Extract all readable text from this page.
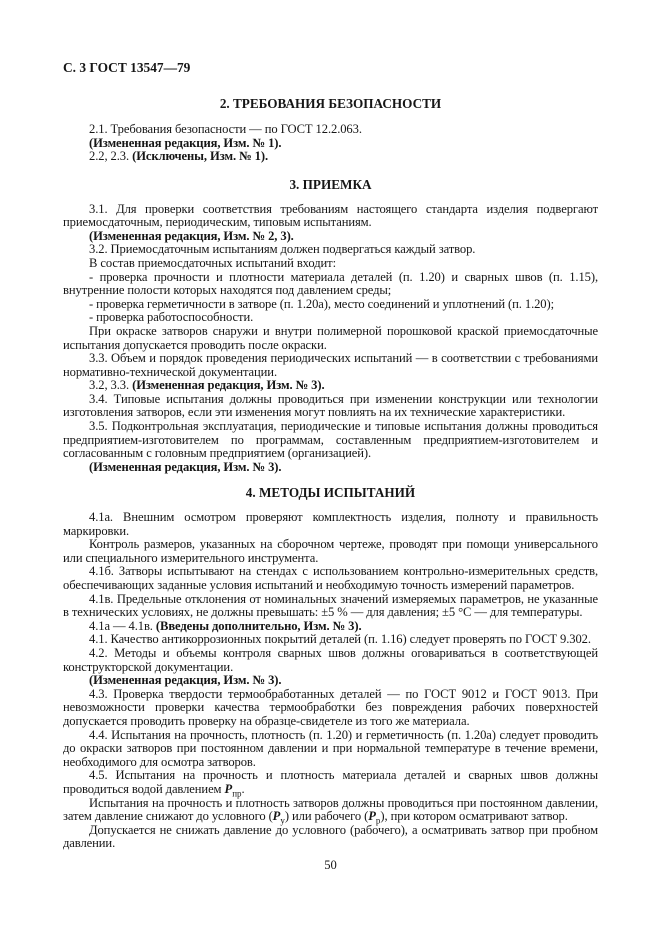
С. 3 ГОСТ 13547—79
2. ТРЕБОВАНИЯ БЕЗОПАСНОСТИ

2.1. Требования безопасности — по ГОСТ 12.2.063.

(Измененная редакция, Изм. № 1).

2.2, 2.3. (Исключены, Изм. № 1).

3. ПРИЕМКА

3.1. Для проверки соответствия требованиям настоящего стандарта изделия подвергают приемосдаточным, периодическим, типовым испытаниям.

(Измененная редакция, Изм. № 2, 3).

3.2. Приемосдаточным испытаниям должен подвергаться каждый затвор.

В состав приемосдаточных испытаний входит:

- проверка прочности и плотности материала деталей (п. 1.20) и сварных швов (п. 1.15), внутренние полости которых находятся под давлением среды;

- проверка герметичности в затворе (п. 1.20а), место соединений и уплотнений (п. 1.20);

- проверка работоспособности.

При окраске затворов снаружи и внутри полимерной порошковой краской приемосдаточные испытания допускается проводить после окраски.

3.3. Объем и порядок проведения периодических испытаний — в соответствии с требованиями нормативно-технической документации.

3.2, 3.3. (Измененная редакция, Изм. № 3).

3.4. Типовые испытания должны проводиться при изменении конструкции или технологии изготовления затворов, если эти изменения могут повлиять на их технические характеристики.

3.5. Подконтрольная эксплуатация, периодические и типовые испытания должны проводиться предприятием-изготовителем по программам, составленным предприятием-изготовителем и согласованным с головным предприятием (организацией).

(Измененная редакция, Изм. № 3).

4. МЕТОДЫ ИСПЫТАНИЙ

4.1а. Внешним осмотром проверяют комплектность изделия, полноту и правильность маркировки.

Контроль размеров, указанных на сборочном чертеже, проводят при помощи универсального или специального измерительного инструмента.

4.1б. Затворы испытывают на стендах с использованием контрольно-измерительных средств, обеспечивающих заданные условия испытаний и необходимую точность измерений параметров.

4.1в. Предельные отклонения от номинальных значений измеряемых параметров, не указанные в технических условиях, не должны превышать: ±5 % — для давления; ±5 °С — для температуры.

4.1а — 4.1в. (Введены дополнительно, Изм. № 3).

4.1. Качество антикоррозионных покрытий деталей (п. 1.16) следует проверять по ГОСТ 9.302.

4.2. Методы и объемы контроля сварных швов должны оговариваться в соответствующей конструкторской документации.

(Измененная редакция, Изм. № 3).

4.3. Проверка твердости термообработанных деталей — по ГОСТ 9012 и ГОСТ 9013. При невозможности проверки качества термообработки без повреждения рабочих поверхностей допускается проводить проверку на образце-свидетеле из того же материала.

4.4. Испытания на прочность, плотность (п. 1.20) и герметичность (п. 1.20а) следует проводить до окраски затворов при постоянном давлении и при нормальной температуре в течение времени, необходимого для осмотра затворов.

4.5. Испытания на прочность и плотность материала деталей и сварных швов должны проводиться водой давлением $P_{пр}$.

Испытания на прочность и плотность затворов должны проводиться при постоянном давлении, затем давление снижают до условного $(P_у)$ или рабочего $(P_р)$, при котором осматривают затвор.

Допускается не снижать давление до условного (рабочего), а осматривать затвор при пробном давлении.

50
